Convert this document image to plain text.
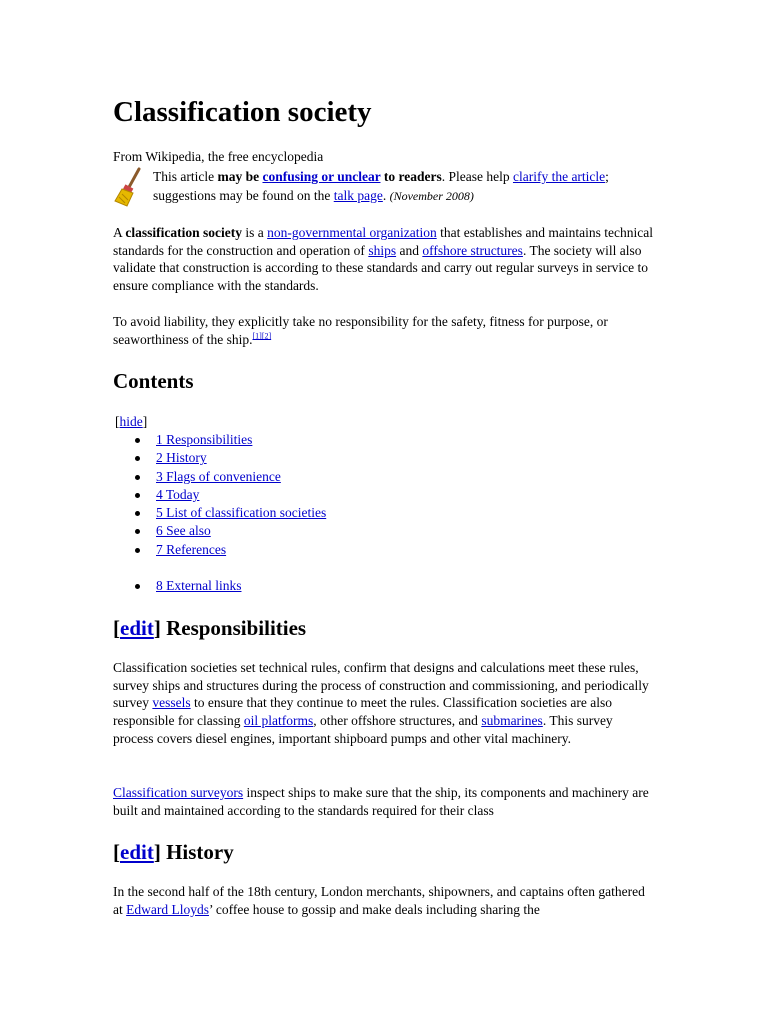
Classification society
From Wikipedia, the free encyclopedia
This article may be confusing or unclear to readers. Please help clarify the article; suggestions may be found on the talk page. (November 2008)

A classification society is a non-governmental organization that establishes and maintains technical standards for the construction and operation of ships and offshore structures. The society will also validate that construction is according to these standards and carry out regular surveys in service to ensure compliance with the standards.

To avoid liability, they explicitly take no responsibility for the safety, fitness for purpose, or seaworthiness of the ship.[1][2]

Contents
[hide]
1 Responsibilities
2 History
3 Flags of convenience
4 Today
5 List of classification societies
6 See also
7 References
8 External links
[edit] Responsibilities

Classification societies set technical rules, confirm that designs and calculations meet these rules, survey ships and structures during the process of construction and commissioning, and periodically survey vessels to ensure that they continue to meet the rules. Classification societies are also responsible for classing oil platforms, other offshore structures, and submarines. This survey process covers diesel engines, important shipboard pumps and other vital machinery.

Classification surveyors inspect ships to make sure that the ship, its components and machinery are built and maintained according to the standards required for their class

[edit] History

In the second half of the 18th century, London merchants, shipowners, and captains often gathered at Edward Lloyds’ coffee house to gossip and make deals including sharing the
